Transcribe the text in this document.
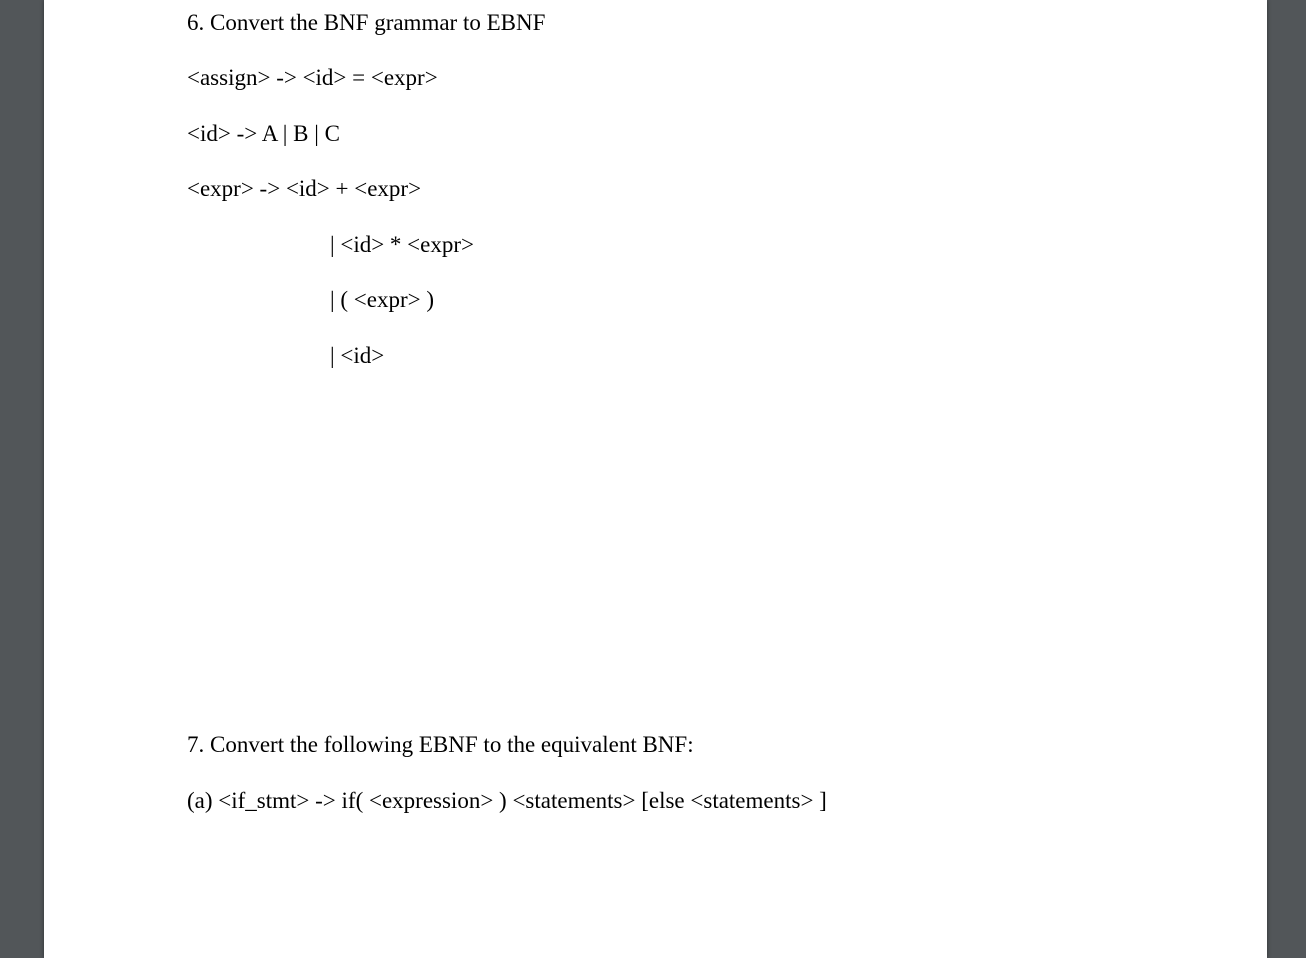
6. Convert the BNF grammar to EBNF
<assign> -> <id> = <expr>
<id> -> A | B | C
<expr> -> <id> + <expr>
| <id> * <expr>
| ( <expr> )
| <id>
7. Convert the following EBNF to the equivalent BNF:
(a) <if_stmt> -> if( <expression> ) <statements> [else <statements> ]
